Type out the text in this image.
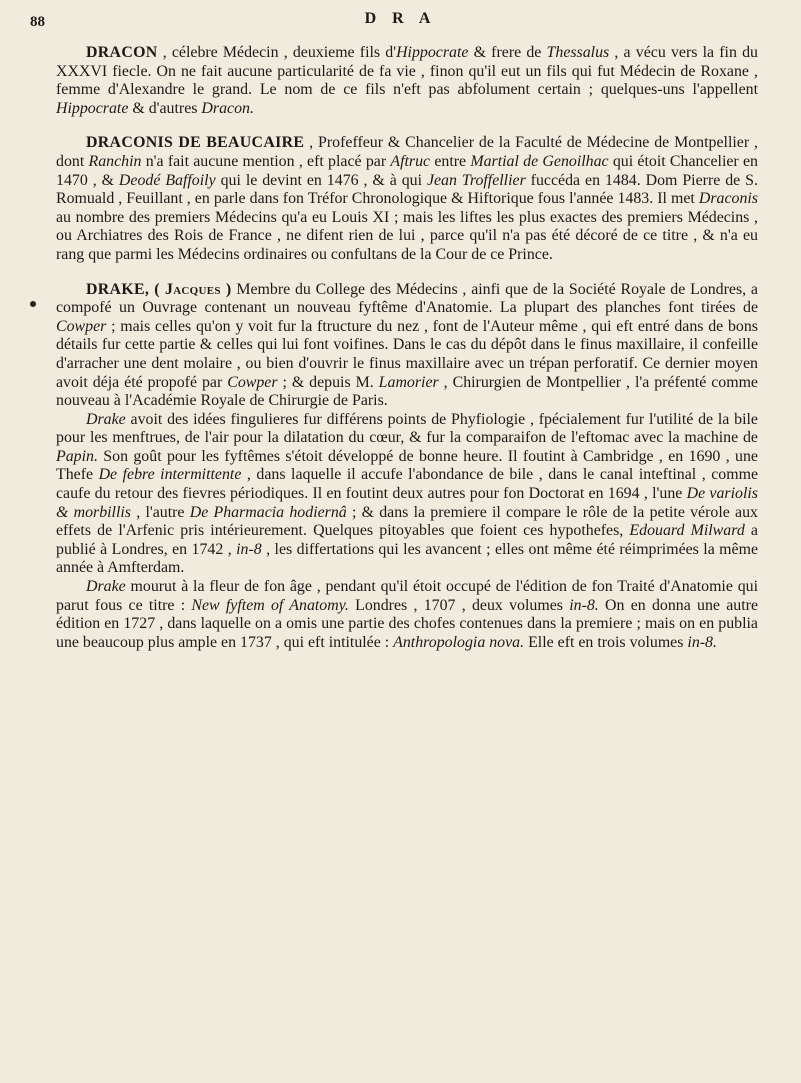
88	D R A

DRACON , célebre Médecin , deuxieme fils d'Hippocrate & frere de Thessalus , a vécu vers la fin du XXXVI fiecle. On ne fait aucune particularité de fa vie , finon qu'il eut un fils qui fut Médecin de Roxane , femme d'Alexandre le grand. Le nom de ce fils n'eft pas abfolument certain ; quelques-uns l'appellent Hippocrate & d'autres Dracon.

DRACONIS DE BEAUCAIRE , Profeffeur & Chancelier de la Faculté de Médecine de Montpellier , dont Ranchin n'a fait aucune mention , eft placé par Aftruc entre Martial de Genoilhac qui étoit Chancelier en 1470 , & Deodé Baffoily qui le devint en 1476 , & à qui Jean Troffellier fuccéda en 1484. Dom Pierre de S. Romuald , Feuillant , en parle dans fon Tréfor Chronologique & Hiftorique fous l'année 1483. Il met Draconis au nombre des premiers Médecins qu'a eu Louis XI ; mais les liftes les plus exactes des premiers Médecins , ou Archiatres des Rois de France , ne difent rien de lui , parce qu'il n'a pas été décoré de ce titre , & n'a eu rang que parmi les Médecins ordinaires ou confultans de la Cour de ce Prince.

DRAKE, ( Jacques ) Membre du College des Médecins , ainfi que de la Société Royale de Londres, a compofé un Ouvrage contenant un nouveau fyftême d'Anatomie. La plupart des planches font tirées de Cowper ; mais celles qu'on y voit fur la ftructure du nez , font de l'Auteur même , qui eft entré dans de bons détails fur cette partie & celles qui lui font voifines. Dans le cas du dépôt dans le finus maxillaire, il confeille d'arracher une dent molaire , ou bien d'ouvrir le finus maxillaire avec un trépan perforatif. Ce dernier moyen avoit déja été propofé par Cowper ; & depuis M. Lamorier , Chirurgien de Montpellier , l'a préfenté comme nouveau à l'Académie Royale de Chirurgie de Paris.

Drake avoit des idées fingulieres fur différens points de Phyfiologie , fpécialement fur l'utilité de la bile pour les menftrues, de l'air pour la dilatation du cœur, & fur la comparaifon de l'eftomac avec la machine de Papin. Son goût pour les fyftêmes s'étoit développé de bonne heure. Il foutint à Cambridge , en 1690 , une Thefe De febre intermittente , dans laquelle il accufe l'abondance de bile , dans le canal inteftinal , comme caufe du retour des fievres périodiques. Il en foutint deux autres pour fon Doctorat en 1694 , l'une De variolis & morbillis , l'autre De Pharmacia hodiernâ ; & dans la premiere il compare le rôle de la petite vérole aux effets de l'Arfenic pris intérieurement. Quelques pitoyables que foient ces hypothefes, Edouard Milward a publié à Londres, en 1742 , in-8 , les differtations qui les avancent ; elles ont même été réimprimées la même année à Amfterdam.

Drake mourut à la fleur de fon âge , pendant qu'il étoit occupé de l'édition de fon Traité d'Anatomie qui parut fous ce titre : New fyftem of Anatomy. Londres , 1707 , deux volumes in-8. On en donna une autre édition en 1727 , dans laquelle on a omis une partie des chofes contenues dans la premiere ; mais on en publia une beaucoup plus ample en 1737 , qui eft intitulée : Anthropologia nova. Elle eft en trois volumes in-8.
